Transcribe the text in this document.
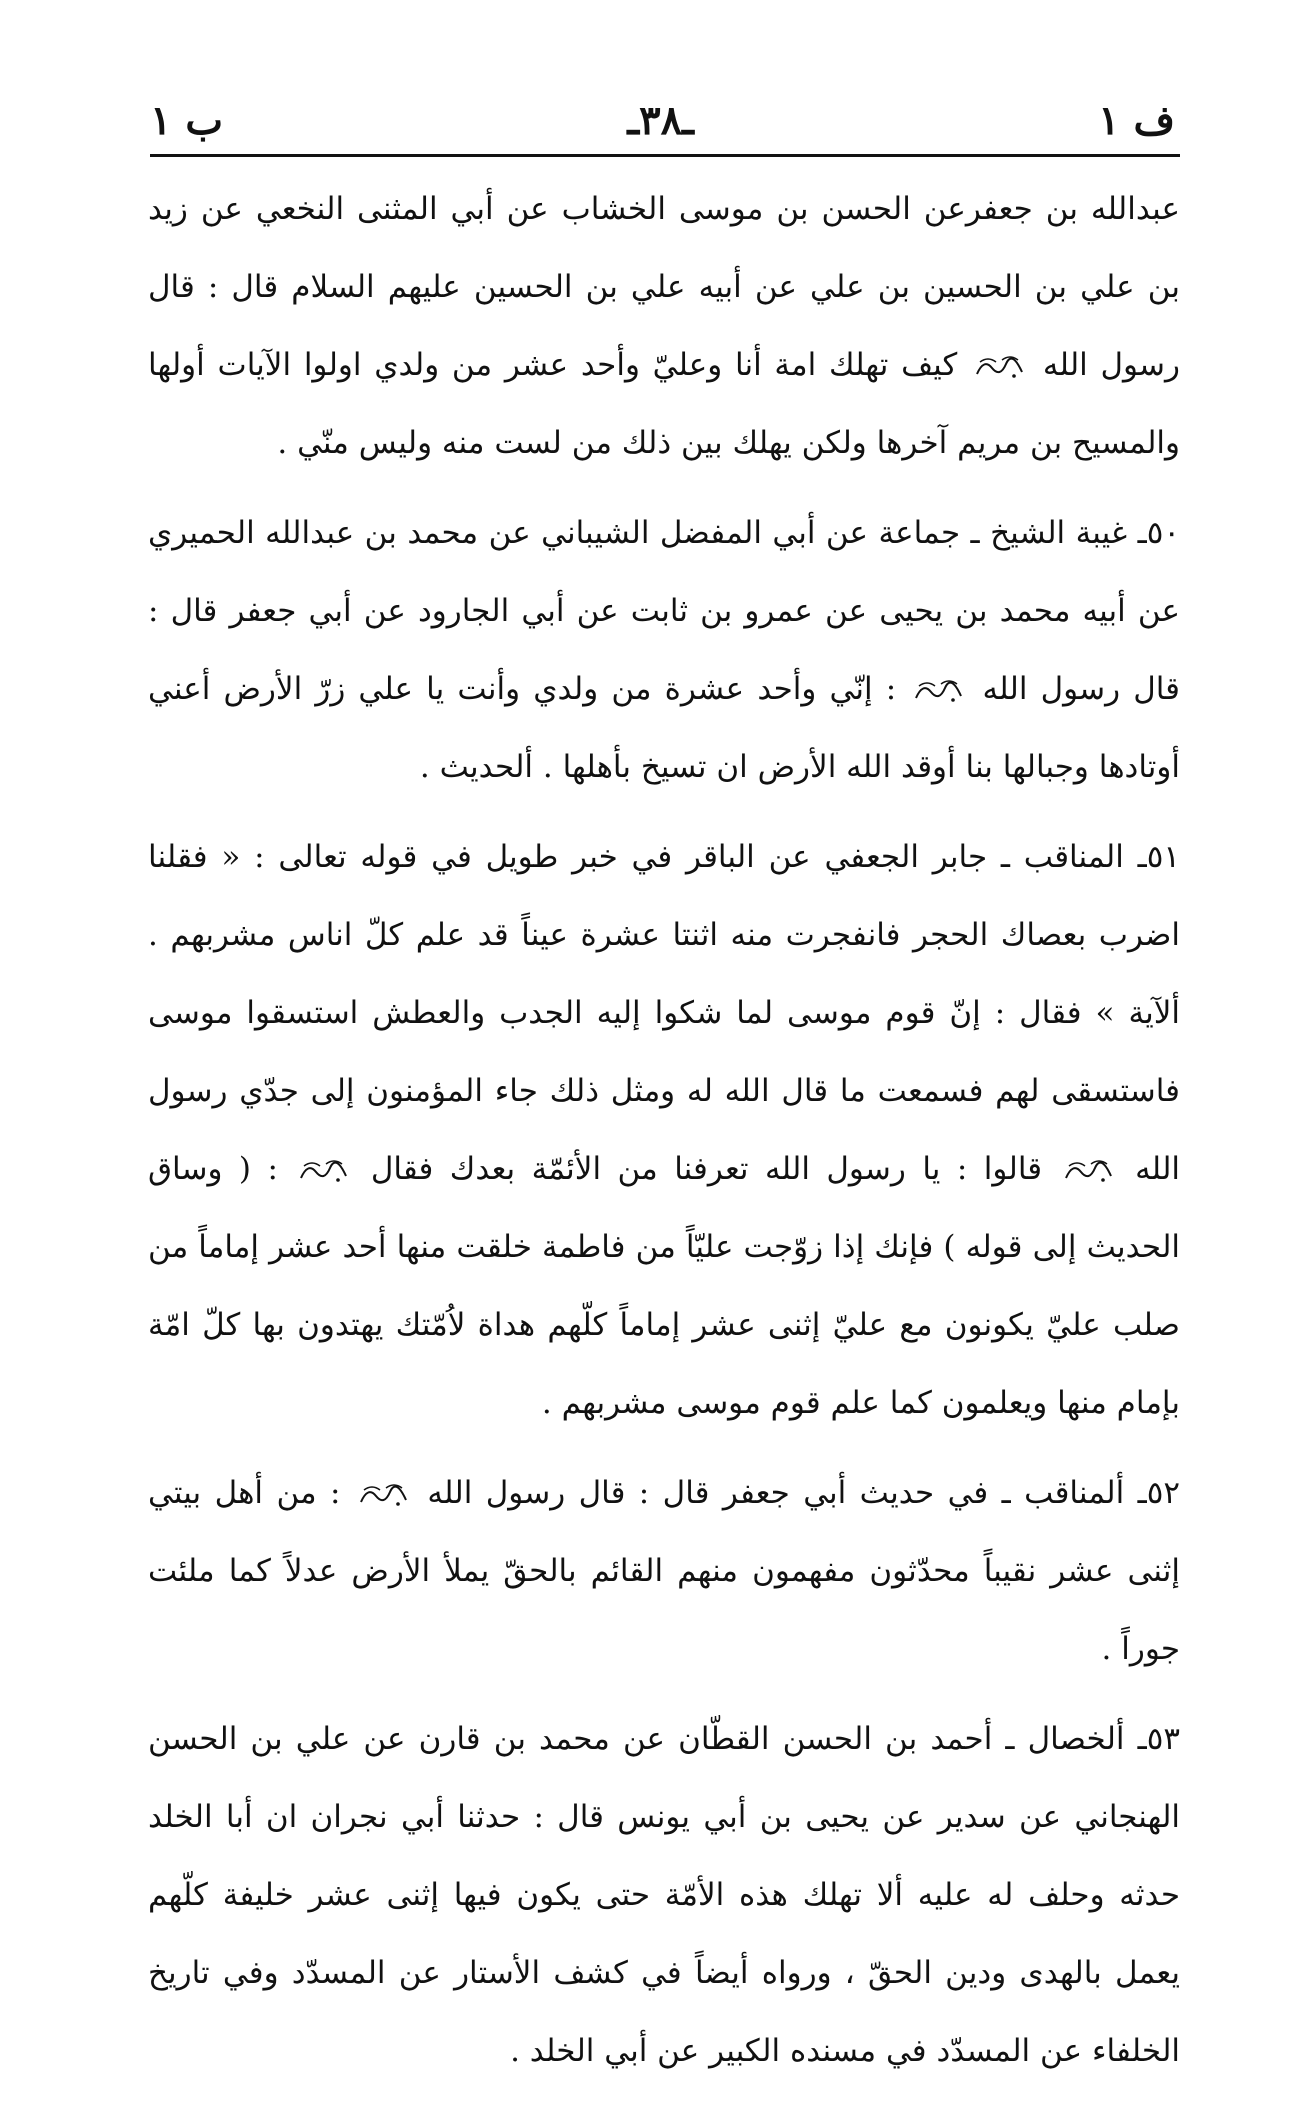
ف ١
ـ٣٨ـ
ب ١

عبدالله بن جعفرعن الحسن بن موسى الخشاب عن أبي المثنى النخعي عن زيد بن علي بن الحسين بن علي عن أبيه علي بن الحسين عليهم السلام قال : قال رسول الله
كيف تهلك امة أنا وعليّ وأحد عشر من ولدي اولوا الآيات أولها والمسيح بن مريم آخرها ولكن يهلك بين ذلك من لست منه وليس منّي .

٥٠ـ غيبة الشيخ ـ جماعة عن أبي المفضل الشيباني عن محمد بن عبدالله الحميري عن أبيه محمد بن يحيى عن عمرو بن ثابت عن أبي الجارود عن أبي جعفر قال : قال رسول الله
: إنّي وأحد عشرة من ولدي وأنت يا علي زرّ الأرض أعني أوتادها وجبالها بنا أوقد الله الأرض ان تسيخ بأهلها . ألحديث .

٥١ـ المناقب ـ جابر الجعفي عن الباقر في خبر طويل في قوله تعالى : « فقلنا اضرب بعصاك الحجر فانفجرت منه اثنتا عشرة عيناً قد علم كلّ اناس مشربهم . ألآية » فقال : إنّ قوم موسى لما شكوا إليه الجدب والعطش استسقوا موسى فاستسقى لهم فسمعت ما قال الله له ومثل ذلك جاء المؤمنون إلى جدّي رسول الله
قالوا : يا رسول الله تعرفنا من الأئمّة بعدك فقال
: ( وساق الحديث إلى قوله ) فإنك إذا زوّجت عليّاً من فاطمة خلقت منها أحد عشر إماماً من صلب عليّ يكونون مع عليّ إثنى عشر إماماً كلّهم هداة لاُمّتك يهتدون بها كلّ امّة بإمام منها ويعلمون كما علم قوم موسى مشربهم .

٥٢ـ ألمناقب ـ في حديث أبي جعفر قال : قال رسول الله
: من أهل بيتي إثنى عشر نقيباً محدّثون مفهمون منهم القائم بالحقّ يملأ الأرض عدلاً كما ملئت جوراً .

٥٣ـ ألخصال ـ أحمد بن الحسن القطّان عن محمد بن قارن عن علي بن الحسن الهنجاني عن سدير عن يحيى بن أبي يونس قال : حدثنا أبي نجران ان أبا الخلد حدثه وحلف له عليه ألا تهلك هذه الأمّة حتى يكون فيها إثنى عشر خليفة كلّهم يعمل بالهدى ودين الحقّ ، ورواه أيضاً في كشف الأستار عن المسدّد وفي تاريخ الخلفاء عن المسدّد في مسنده الكبير عن أبي الخلد .
